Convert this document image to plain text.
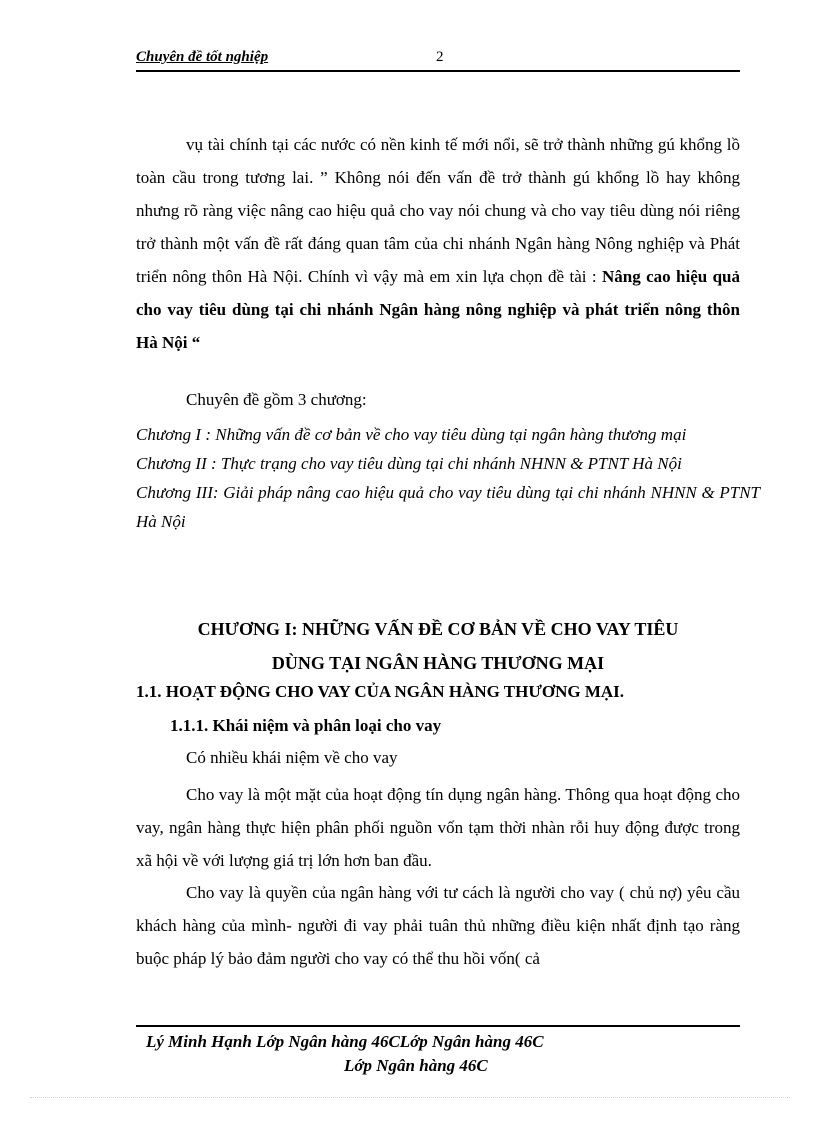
Chuyên đề tốt nghiệp	2

vụ tài chính tại các nước có nền kinh tế mới nổi, sẽ trở thành những gú khổng lồ toàn cầu trong tương lai. ” Không nói đến vấn đề trở thành gú khổng lồ hay không nhưng rõ ràng việc nâng cao hiệu quả cho vay nói chung và cho vay tiêu dùng nói riêng trở thành một vấn đề rất đáng quan tâm của chi nhánh Ngân hàng Nông nghiệp và Phát triển nông thôn Hà Nội. Chính vì vậy mà em xin lựa chọn đề tài : Nâng cao hiệu quả cho vay tiêu dùng tại chi nhánh Ngân hàng nông nghiệp và phát triển nông thôn Hà Nội “

Chuyên đề gồm 3 chương:
Chương I : Những vấn đề cơ bản về cho vay tiêu dùng tại ngân hàng thương mại
Chương II : Thực trạng cho vay tiêu dùng tại chi nhánh NHNN & PTNT Hà Nội
Chương III: Giải pháp nâng cao hiệu quả cho vay tiêu dùng tại chi nhánh NHNN & PTNT Hà Nội
CHƯƠNG I: NHỮNG VẤN ĐỀ CƠ BẢN VỀ CHO VAY TIÊU
DÙNG TẠI NGÂN HÀNG THƯƠNG MẠI
1.1. HOẠT ĐỘNG CHO VAY CỦA NGÂN HÀNG THƯƠNG MẠI.
1.1.1. Khái niệm và phân loại cho vay
Có nhiều khái niệm về cho vay

Cho vay là một mặt của hoạt động tín dụng ngân hàng. Thông qua hoạt động cho vay, ngân hàng thực hiện phân phối nguồn vốn tạm thời nhàn rỗi huy động được trong xã hội về với lượng giá trị lớn hơn ban đầu.

Cho vay là quyền của ngân hàng với tư cách là người cho vay ( chủ nợ) yêu cầu khách hàng của mình- người đi vay phải tuân thủ những điều kiện nhất định tạo ràng buộc pháp lý bảo đảm người cho vay có thể thu hồi vốn( cả

Lý Minh Hạnh Lớp Ngân hàng 46CLớp Ngân hàng 46C
Lớp Ngân hàng 46C
